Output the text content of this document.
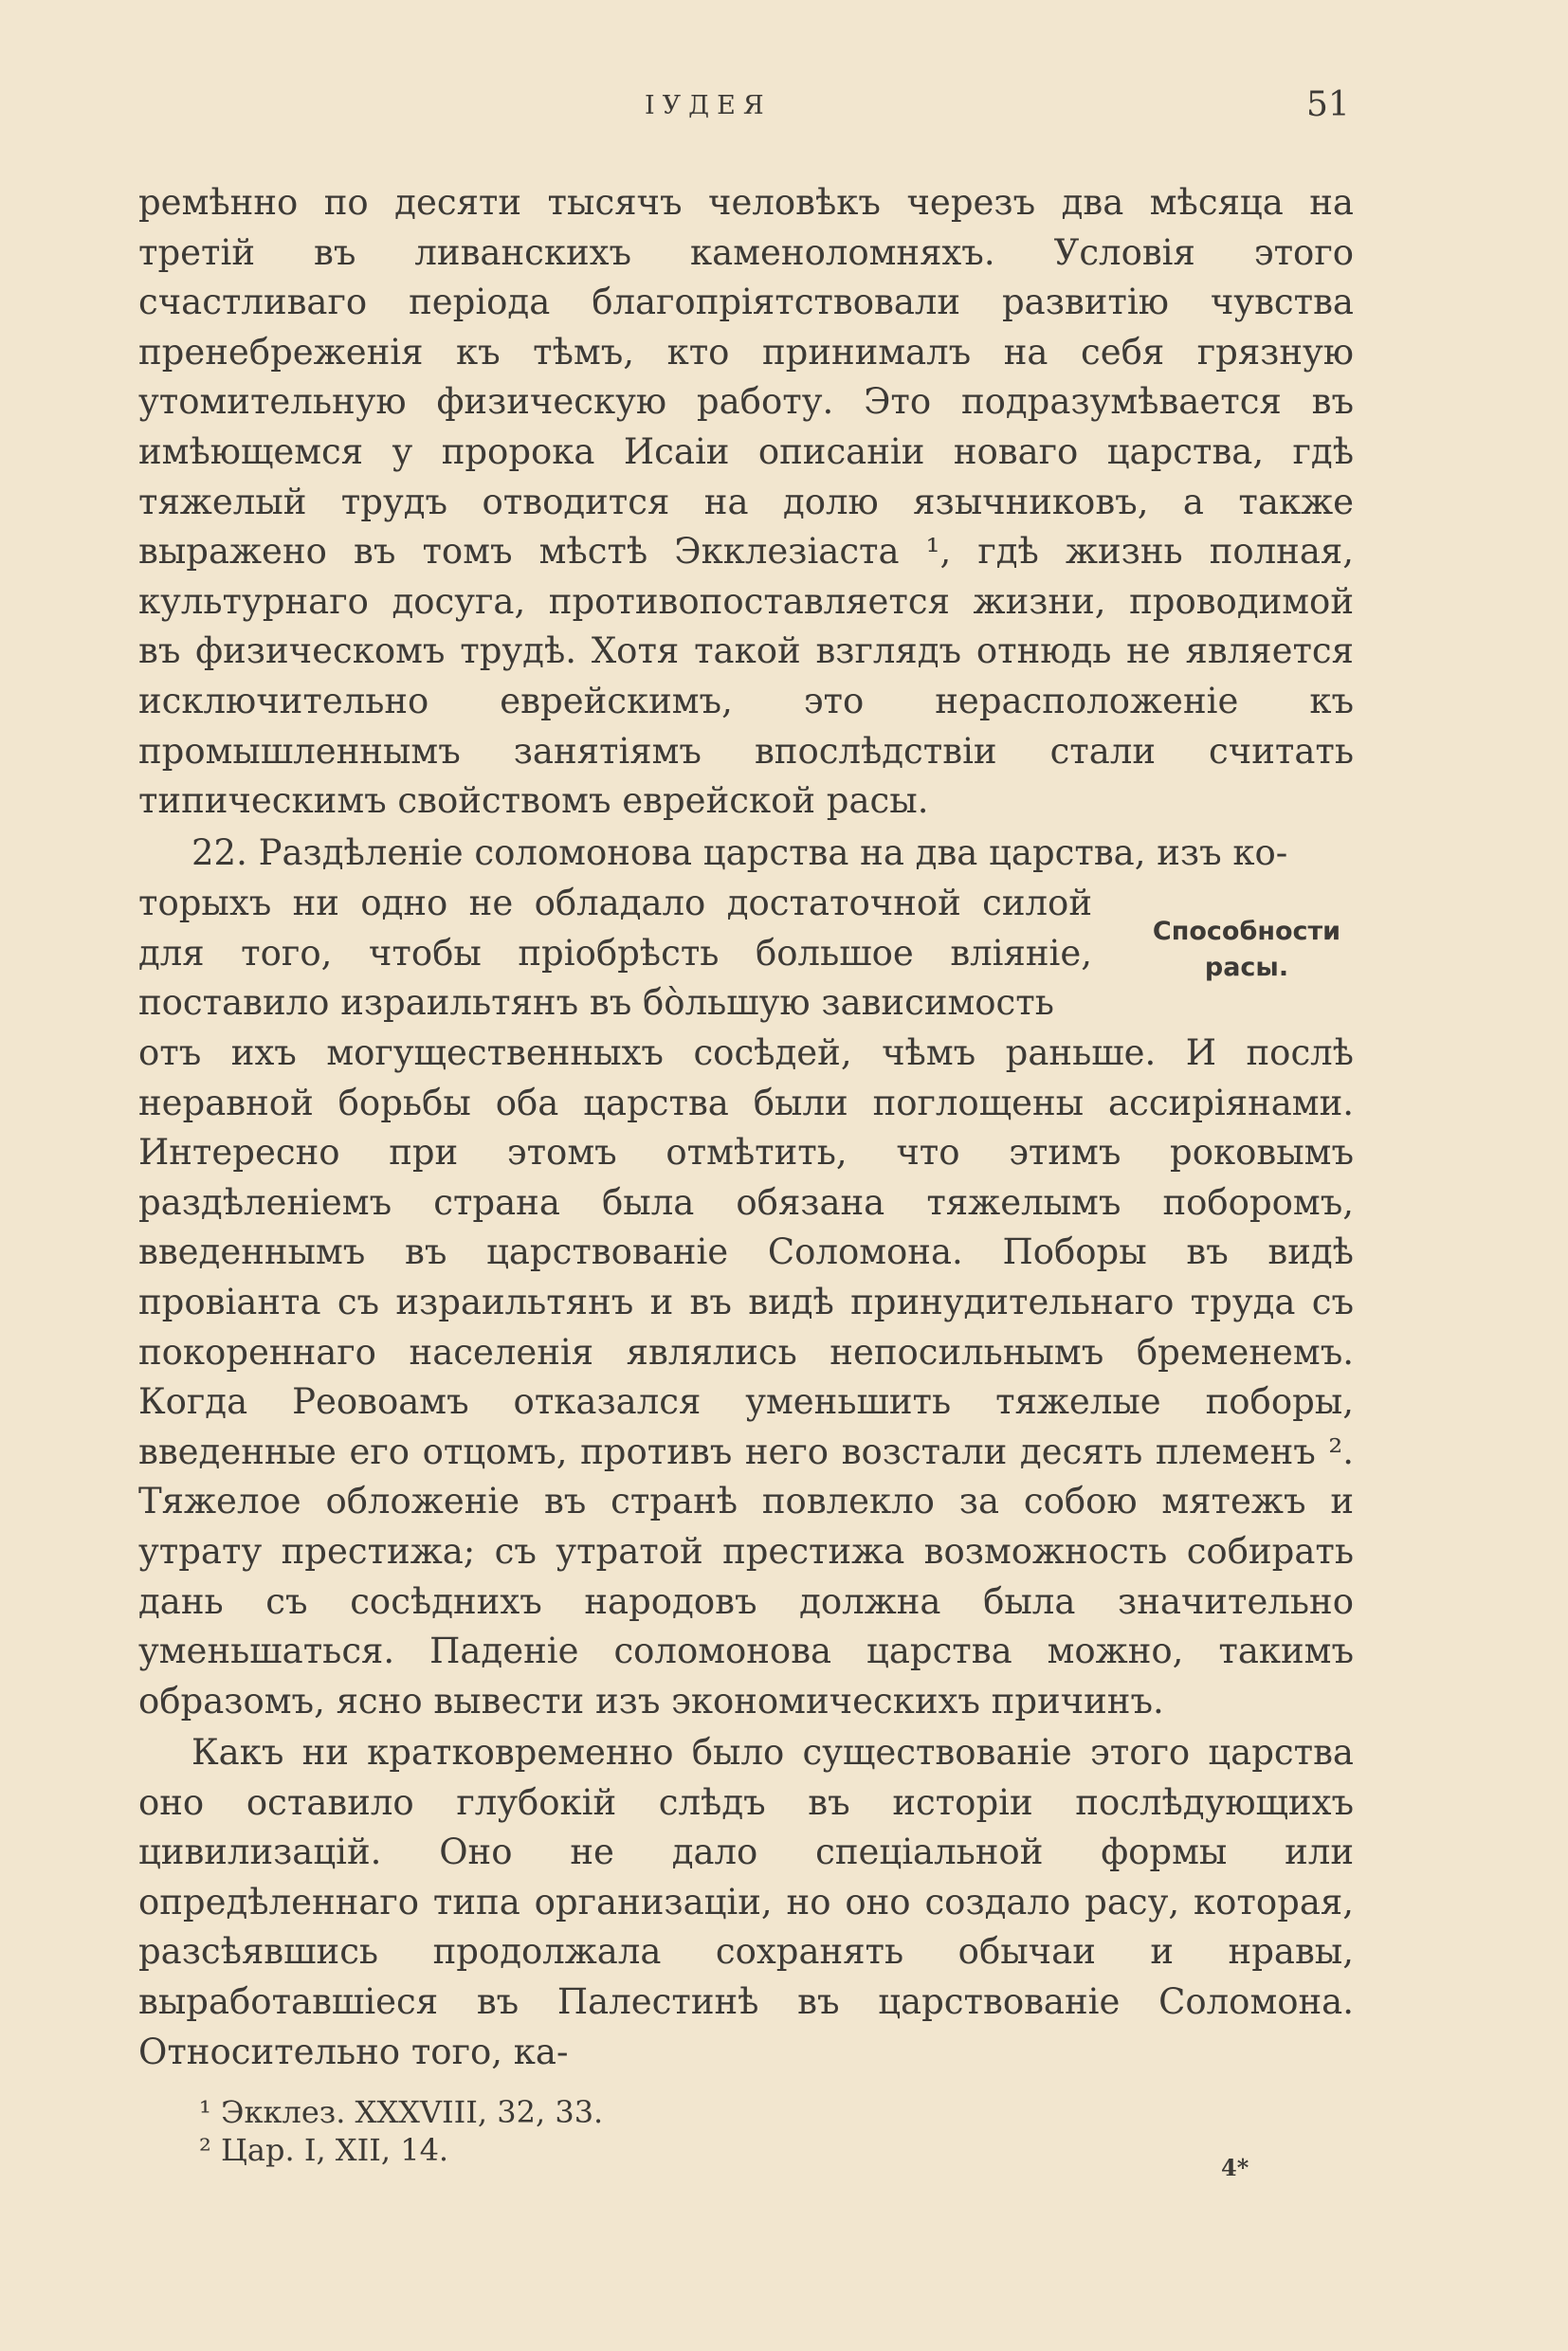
ІУДЕЯ	51

ремѣнно по десяти тысячъ человѣкъ черезъ два мѣсяца на третій въ ливанскихъ каменоломняхъ. Условія этого счастливаго періода благопріятствовали развитію чувства пренебреженія къ тѣмъ, кто принималъ на себя грязную утомительную физическую работу. Это подразумѣвается въ имѣющемся у пророка Исаіи описаніи новаго царства, гдѣ тяжелый трудъ отводится на долю язычниковъ, а также выражено въ томъ мѣстѣ Экклезіаста ¹, гдѣ жизнь полная, культурнаго досуга, противопоставляется жизни, проводимой въ физическомъ трудѣ. Хотя такой взглядъ отнюдь не является исключительно еврейскимъ, это нерасположеніе къ промышленнымъ занятіямъ впослѣдствіи стали считать типическимъ свойствомъ еврейской расы.

22. Раздѣленіе соломонова царства на два царства, изъ ко-

торыхъ ни одно не обладало достаточной силой для того, чтобы пріобрѣсть большое вліяніе, поставило израильтянъ въ бо̀льшую зависимость

отъ ихъ могущественныхъ сосѣдей, чѣмъ раньше. И послѣ неравной борьбы оба царства были поглощены ассиріянами. Интересно при этомъ отмѣтить, что этимъ роковымъ раздѣленіемъ страна была обязана тяжелымъ поборомъ, введеннымъ въ царствованіе Соломона. Поборы въ видѣ провіанта съ израильтянъ и въ видѣ принудительнаго труда съ покореннаго населенія являлись непосильнымъ бременемъ. Когда Реовоамъ отказался уменьшить тяжелые поборы, введенные его отцомъ, противъ него возстали десять племенъ ². Тяжелое обложеніе въ странѣ повлекло за собою мятежъ и утрату престижа; съ утратой престижа возможность собирать дань съ сосѣднихъ народовъ должна была значительно уменьшаться. Паденіе соломонова царства можно, такимъ образомъ, ясно вывести изъ экономическихъ причинъ.

Способности
расы.

Какъ ни кратковременно было существованіе этого царства оно оставило глубокій слѣдъ въ исторіи послѣдующихъ цивилизацій. Оно не дало спеціальной формы или опредѣленнаго типа организаціи, но оно создало расу, которая, разсѣявшись продолжала сохранять обычаи и нравы, выработавшіеся въ Палестинѣ въ царствованіе Соломона. Относительно того, ка-

¹ Экклез. XXXVIII, 32, 33.
² Цар. І, XII, 14.	4*
